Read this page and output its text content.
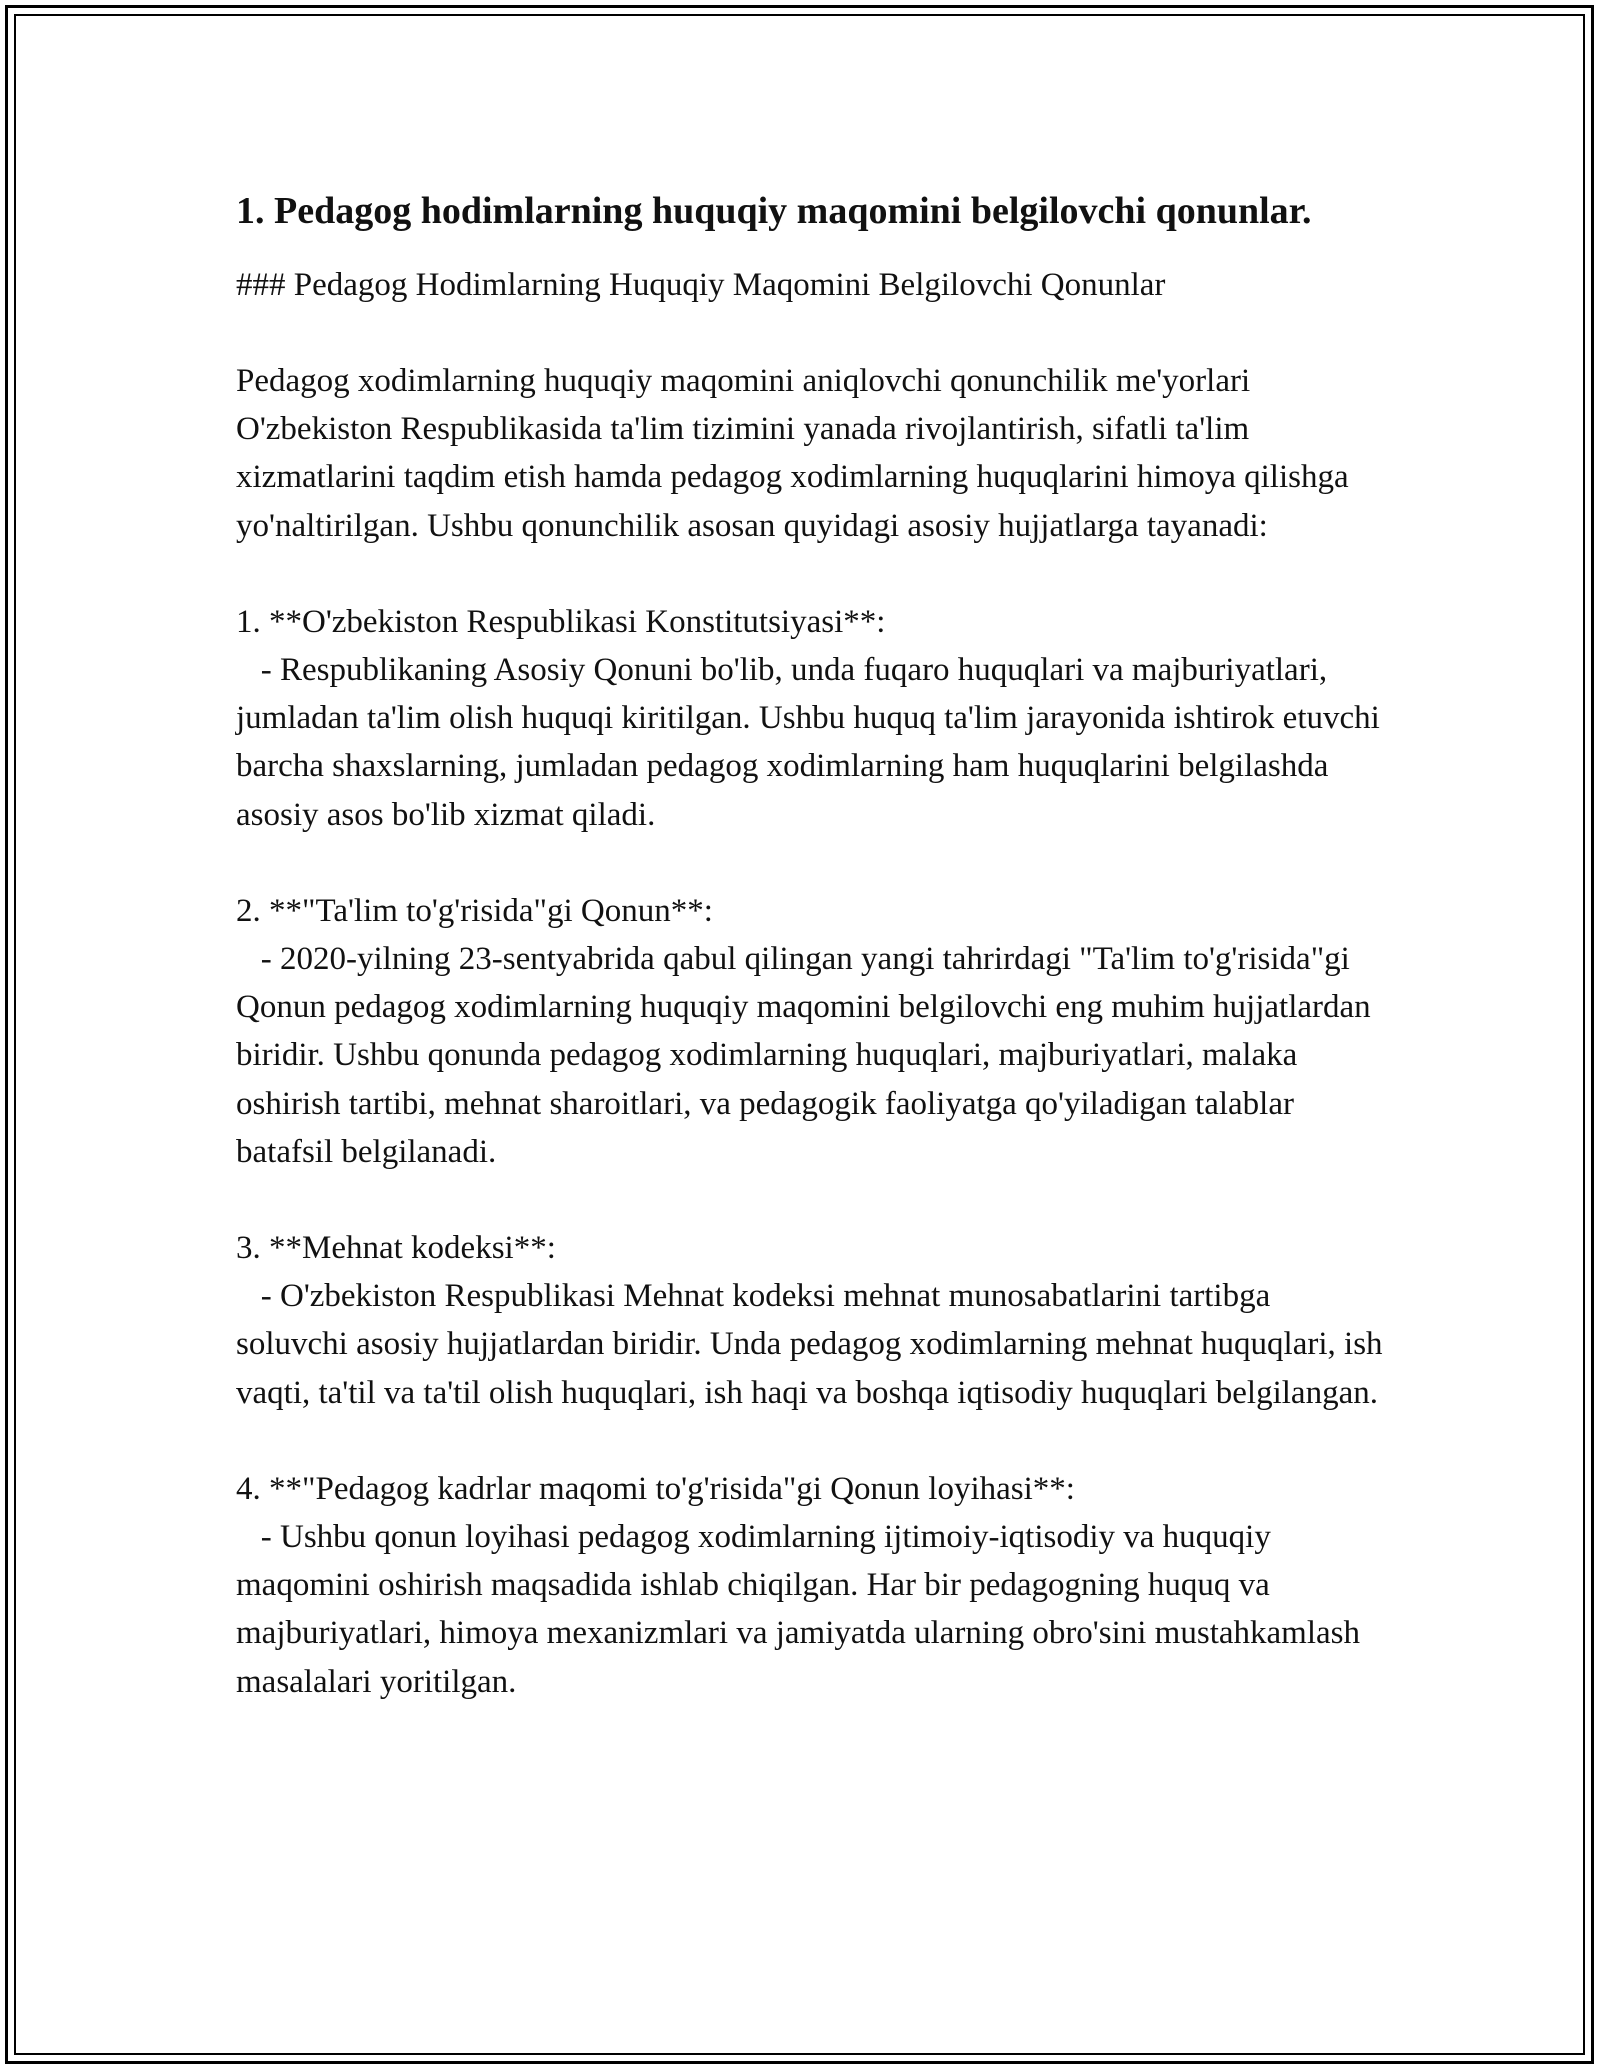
1. Pedagog hodimlarning huquqiy maqomini belgilovchi qonunlar.

### Pedagog Hodimlarning Huquqiy Maqomini Belgilovchi Qonunlar

Pedagog xodimlarning huquqiy maqomini aniqlovchi qonunchilik me'yorlari O'zbekiston Respublikasida ta'lim tizimini yanada rivojlantirish, sifatli ta'lim xizmatlarini taqdim etish hamda pedagog xodimlarning huquqlarini himoya qilishga yo'naltirilgan. Ushbu qonunchilik asosan quyidagi asosiy hujjatlarga tayanadi:

1. **O'zbekiston Respublikasi Konstitutsiyasi**:

- Respublikaning Asosiy Qonuni bo'lib, unda fuqaro huquqlari va majburiyatlari, jumladan ta'lim olish huquqi kiritilgan. Ushbu huquq ta'lim jarayonida ishtirok etuvchi barcha shaxslarning, jumladan pedagog xodimlarning ham huquqlarini belgilashda asosiy asos bo'lib xizmat qiladi.

2. **"Ta'lim to'g'risida"gi Qonun**:

- 2020-yilning 23-sentyabrida qabul qilingan yangi tahrirdagi "Ta'lim to'g'risida"gi Qonun pedagog xodimlarning huquqiy maqomini belgilovchi eng muhim hujjatlardan biridir. Ushbu qonunda pedagog xodimlarning huquqlari, majburiyatlari, malaka oshirish tartibi, mehnat sharoitlari, va pedagogik faoliyatga qo'yiladigan talablar batafsil belgilanadi.

3. **Mehnat kodeksi**:

- O'zbekiston Respublikasi Mehnat kodeksi mehnat munosabatlarini tartibga soluvchi asosiy hujjatlardan biridir. Unda pedagog xodimlarning mehnat huquqlari, ish vaqti, ta'til va ta'til olish huquqlari, ish haqi va boshqa iqtisodiy huquqlari belgilangan.

4. **"Pedagog kadrlar maqomi to'g'risida"gi Qonun loyihasi**:

- Ushbu qonun loyihasi pedagog xodimlarning ijtimoiy-iqtisodiy va huquqiy maqomini oshirish maqsadida ishlab chiqilgan. Har bir pedagogning huquq va majburiyatlari, himoya mexanizmlari va jamiyatda ularning obro'sini mustahkamlash masalalari yoritilgan.
